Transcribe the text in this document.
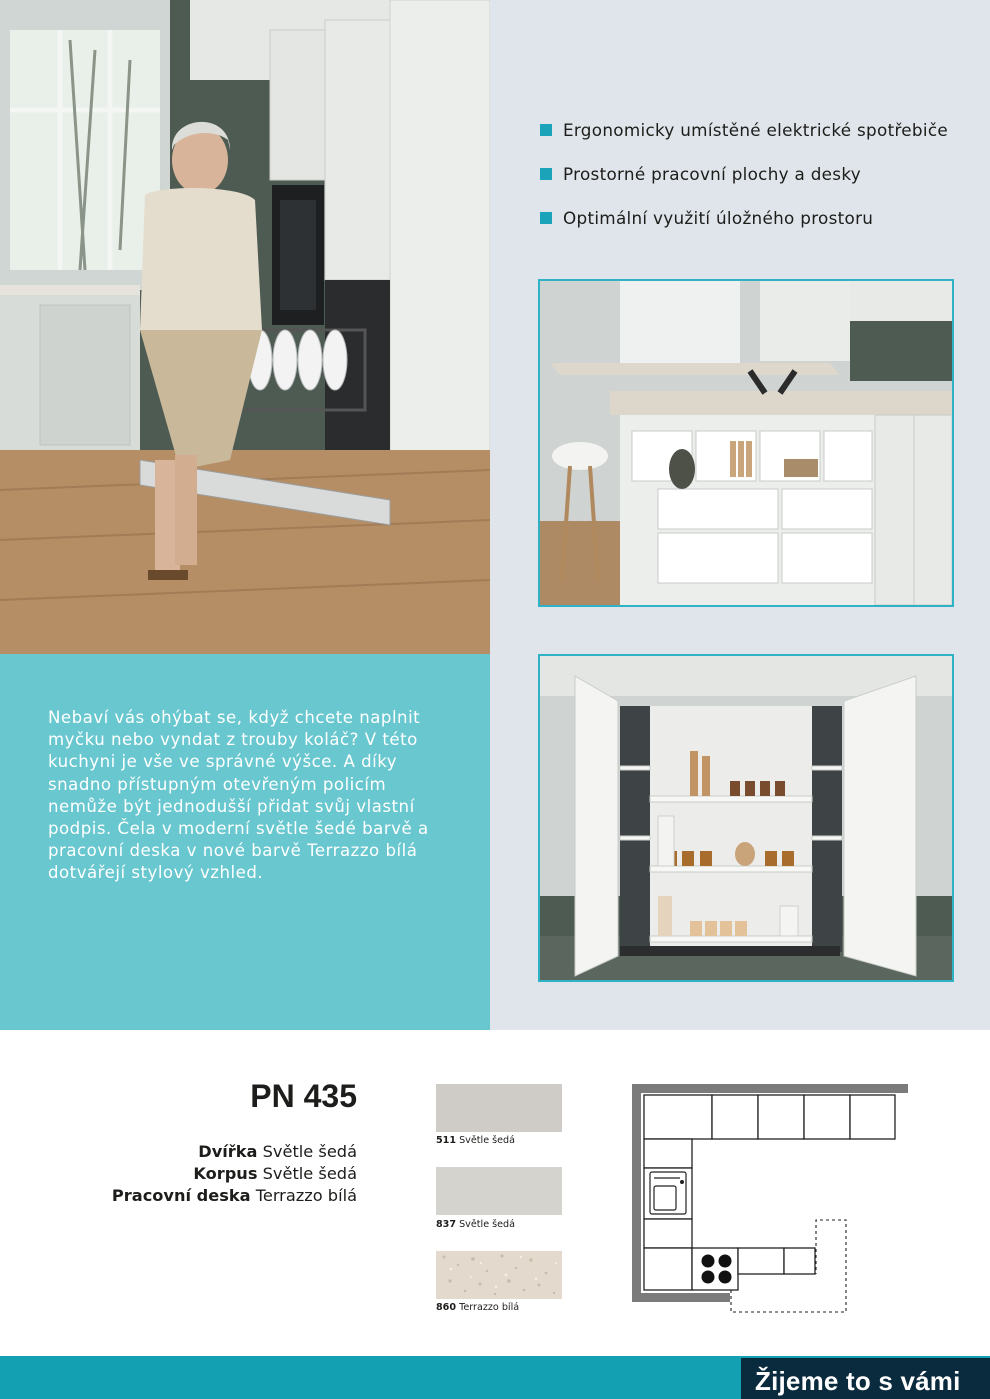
Ergonomicky umístěné elektrické spotřebiče
Prostorné pracovní plochy a desky
Optimální využití úložného prostoru

Nebaví vás ohýbat se, když chcete naplnit myčku nebo vyndat z trouby koláč? V této kuchyni je vše ve správné výšce. A díky snadno přístupným otevřeným policím nemůže být jednodušší přidat svůj vlastní podpis. Čela v moderní světle šedé barvě a pracovní deska v nové barvě Terrazzo bílá dotvářejí stylový vzhled.

PN 435
Dvířka Světle šedá
Korpus Světle šedá
Pracovní deska Terrazzo bílá
511 Světle šedá
837 Světle šedá
860 Terrazzo bílá
Žijeme to s vámi
